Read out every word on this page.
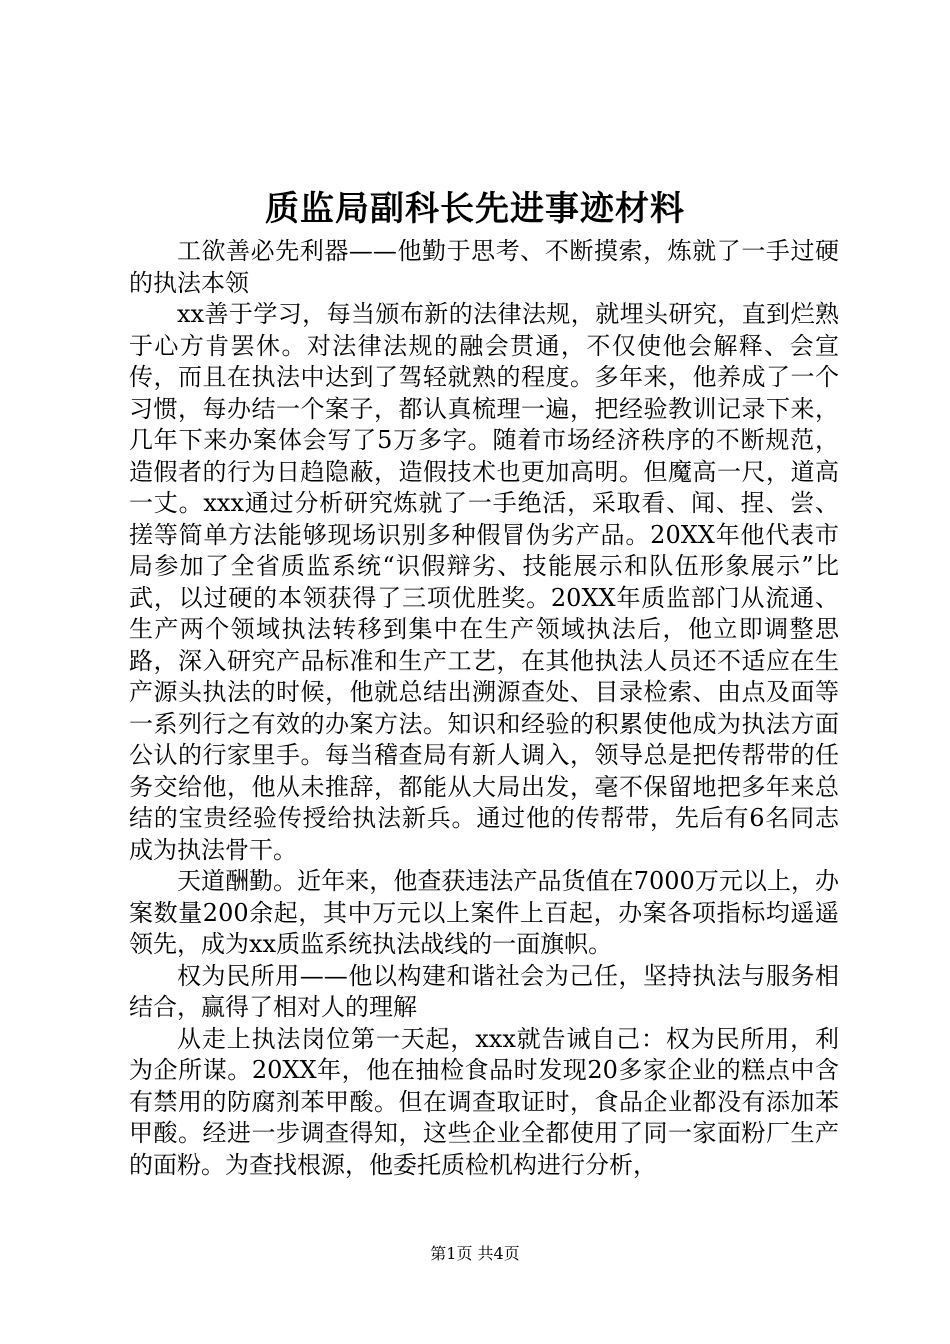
质监局副科长先进事迹材料

工欲善必先利器——他勤于思考、不断摸索，炼就了一手过硬的执法本领

xx善于学习，每当颁布新的法律法规，就埋头研究，直到烂熟于心方肯罢休。对法律法规的融会贯通，不仅使他会解释、会宣传，而且在执法中达到了驾轻就熟的程度。多年来，他养成了一个习惯，每办结一个案子，都认真梳理一遍，把经验教训记录下来，几年下来办案体会写了5万多字。随着市场经济秩序的不断规范，造假者的行为日趋隐蔽，造假技术也更加高明。但魔高一尺，道高一丈。xxx通过分析研究炼就了一手绝活，采取看、闻、捏、尝、搓等简单方法能够现场识别多种假冒伪劣产品。20XX年他代表市局参加了全省质监系统“识假辩劣、技能展示和队伍形象展示”比武，以过硬的本领获得了三项优胜奖。20XX年质监部门从流通、生产两个领域执法转移到集中在生产领域执法后，他立即调整思路，深入研究产品标准和生产工艺，在其他执法人员还不适应在生产源头执法的时候，他就总结出溯源查处、目录检索、由点及面等一系列行之有效的办案方法。知识和经验的积累使他成为执法方面公认的行家里手。每当稽查局有新人调入，领导总是把传帮带的任务交给他，他从未推辞，都能从大局出发，毫不保留地把多年来总结的宝贵经验传授给执法新兵。通过他的传帮带，先后有6名同志成为执法骨干。

天道酬勤。近年来，他查获违法产品货值在7000万元以上，办案数量200余起，其中万元以上案件上百起，办案各项指标均遥遥领先，成为xx质监系统执法战线的一面旗帜。

权为民所用——他以构建和谐社会为己任，坚持执法与服务相结合，赢得了相对人的理解

从走上执法岗位第一天起，xxx就告诫自己：权为民所用，利为企所谋。20XX年，他在抽检食品时发现20多家企业的糕点中含有禁用的防腐剂苯甲酸。但在调查取证时，食品企业都没有添加苯甲酸。经进一步调查得知，这些企业全都使用了同一家面粉厂生产的面粉。为查找根源，他委托质检机构进行分析，

第1页 共4页
